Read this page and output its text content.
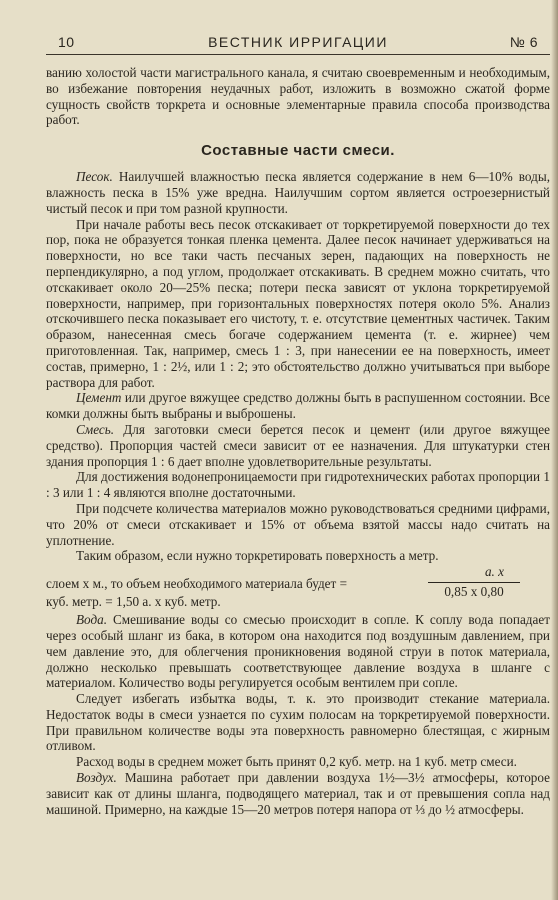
10	ВЕСТНИК ИРРИГАЦИИ	№ 6

ванию холостой части магистрального канала, я считаю своевременным и необходимым, во избежание повторения неудачных работ, изложить в возможно сжатой форме сущность свойств торкрета и основные элементарные правила способа производства работ.

Составные части смеси.

Песок. Наилучшей влажностью песка является содержание в нем 6—10% воды, влажность песка в 15% уже вредна. Наилучшим сортом является остроезернистый чистый песок и при том разной крупности.

При начале работы весь песок отскакивает от торкретируемой поверхности до тех пор, пока не образуется тонкая пленка цемента. Далее песок начинает удерживаться на поверхности, но все таки часть песчаных зерен, падающих на поверхность не перпендикулярно, а под углом, продолжает отскакивать. В среднем можно считать, что отскакивает около 20—25% песка; потери песка зависят от уклона торкретируемой поверхности, например, при горизонтальных поверхностях потеря около 5%. Анализ отскочившего песка показывает его чистоту, т. е. отсутствие цементных частичек. Таким образом, нанесенная смесь богаче содержанием цемента (т. е. жирнее) чем приготовленная. Так, например, смесь 1 : 3, при нанесении ее на поверхность, имеет состав, примерно, 1 : 2½, или 1 : 2; это обстоятельство должно учитываться при выборе раствора для работ.

Цемент или другое вяжущее средство должны быть в распушенном состоянии. Все комки должны быть выбраны и выброшены.

Смесь. Для заготовки смеси берется песок и цемент (или другое вяжущее средство). Пропорция частей смеси зависит от ее назначения. Для штукатурки стен здания пропорция 1 : 6 дает вполне удовлетворительные результаты.

Для достижения водонепроницаемости при гидротехнических работах пропорции 1 : 3 или 1 : 4 являются вполне достаточными.

При подсчете количества материалов можно руководствоваться средними цифрами, что 20% от смеси отскакивает и 15% от объема взятой массы надо считать на уплотнение.

Таким образом, если нужно торкретировать поверхность a метр.

a. x
слоем x м., то объем необходимого материала будет =
0,85 x 0,80
куб. метр. = 1,50 a. x куб. метр.

Вода. Смешивание воды со смесью происходит в сопле. К соплу вода попадает через особый шланг из бака, в котором она находится под воздушным давлением, при чем давление это, для облегчения проникновения водяной струи в поток материала, должно несколько превышать соответствующее давление воздуха в шланге с материалом. Количество воды регулируется особым вентилем при сопле.

Следует избегать избытка воды, т. к. это производит стекание материала. Недостаток воды в смеси узнается по сухим полосам на торкретируемой поверхности. При правильном количестве воды эта поверхность равномерно блестящая, с жирным отливом.

Расход воды в среднем может быть принят 0,2 куб. метр. на 1 куб. метр смеси.

Воздух. Машина работает при давлении воздуха 1½—3½ атмосферы, которое зависит как от длины шланга, подводящего материал, так и от превышения сопла над машиной. Примерно, на каждые 15—20 метров потеря напора от ⅓ до ½ атмосферы.
